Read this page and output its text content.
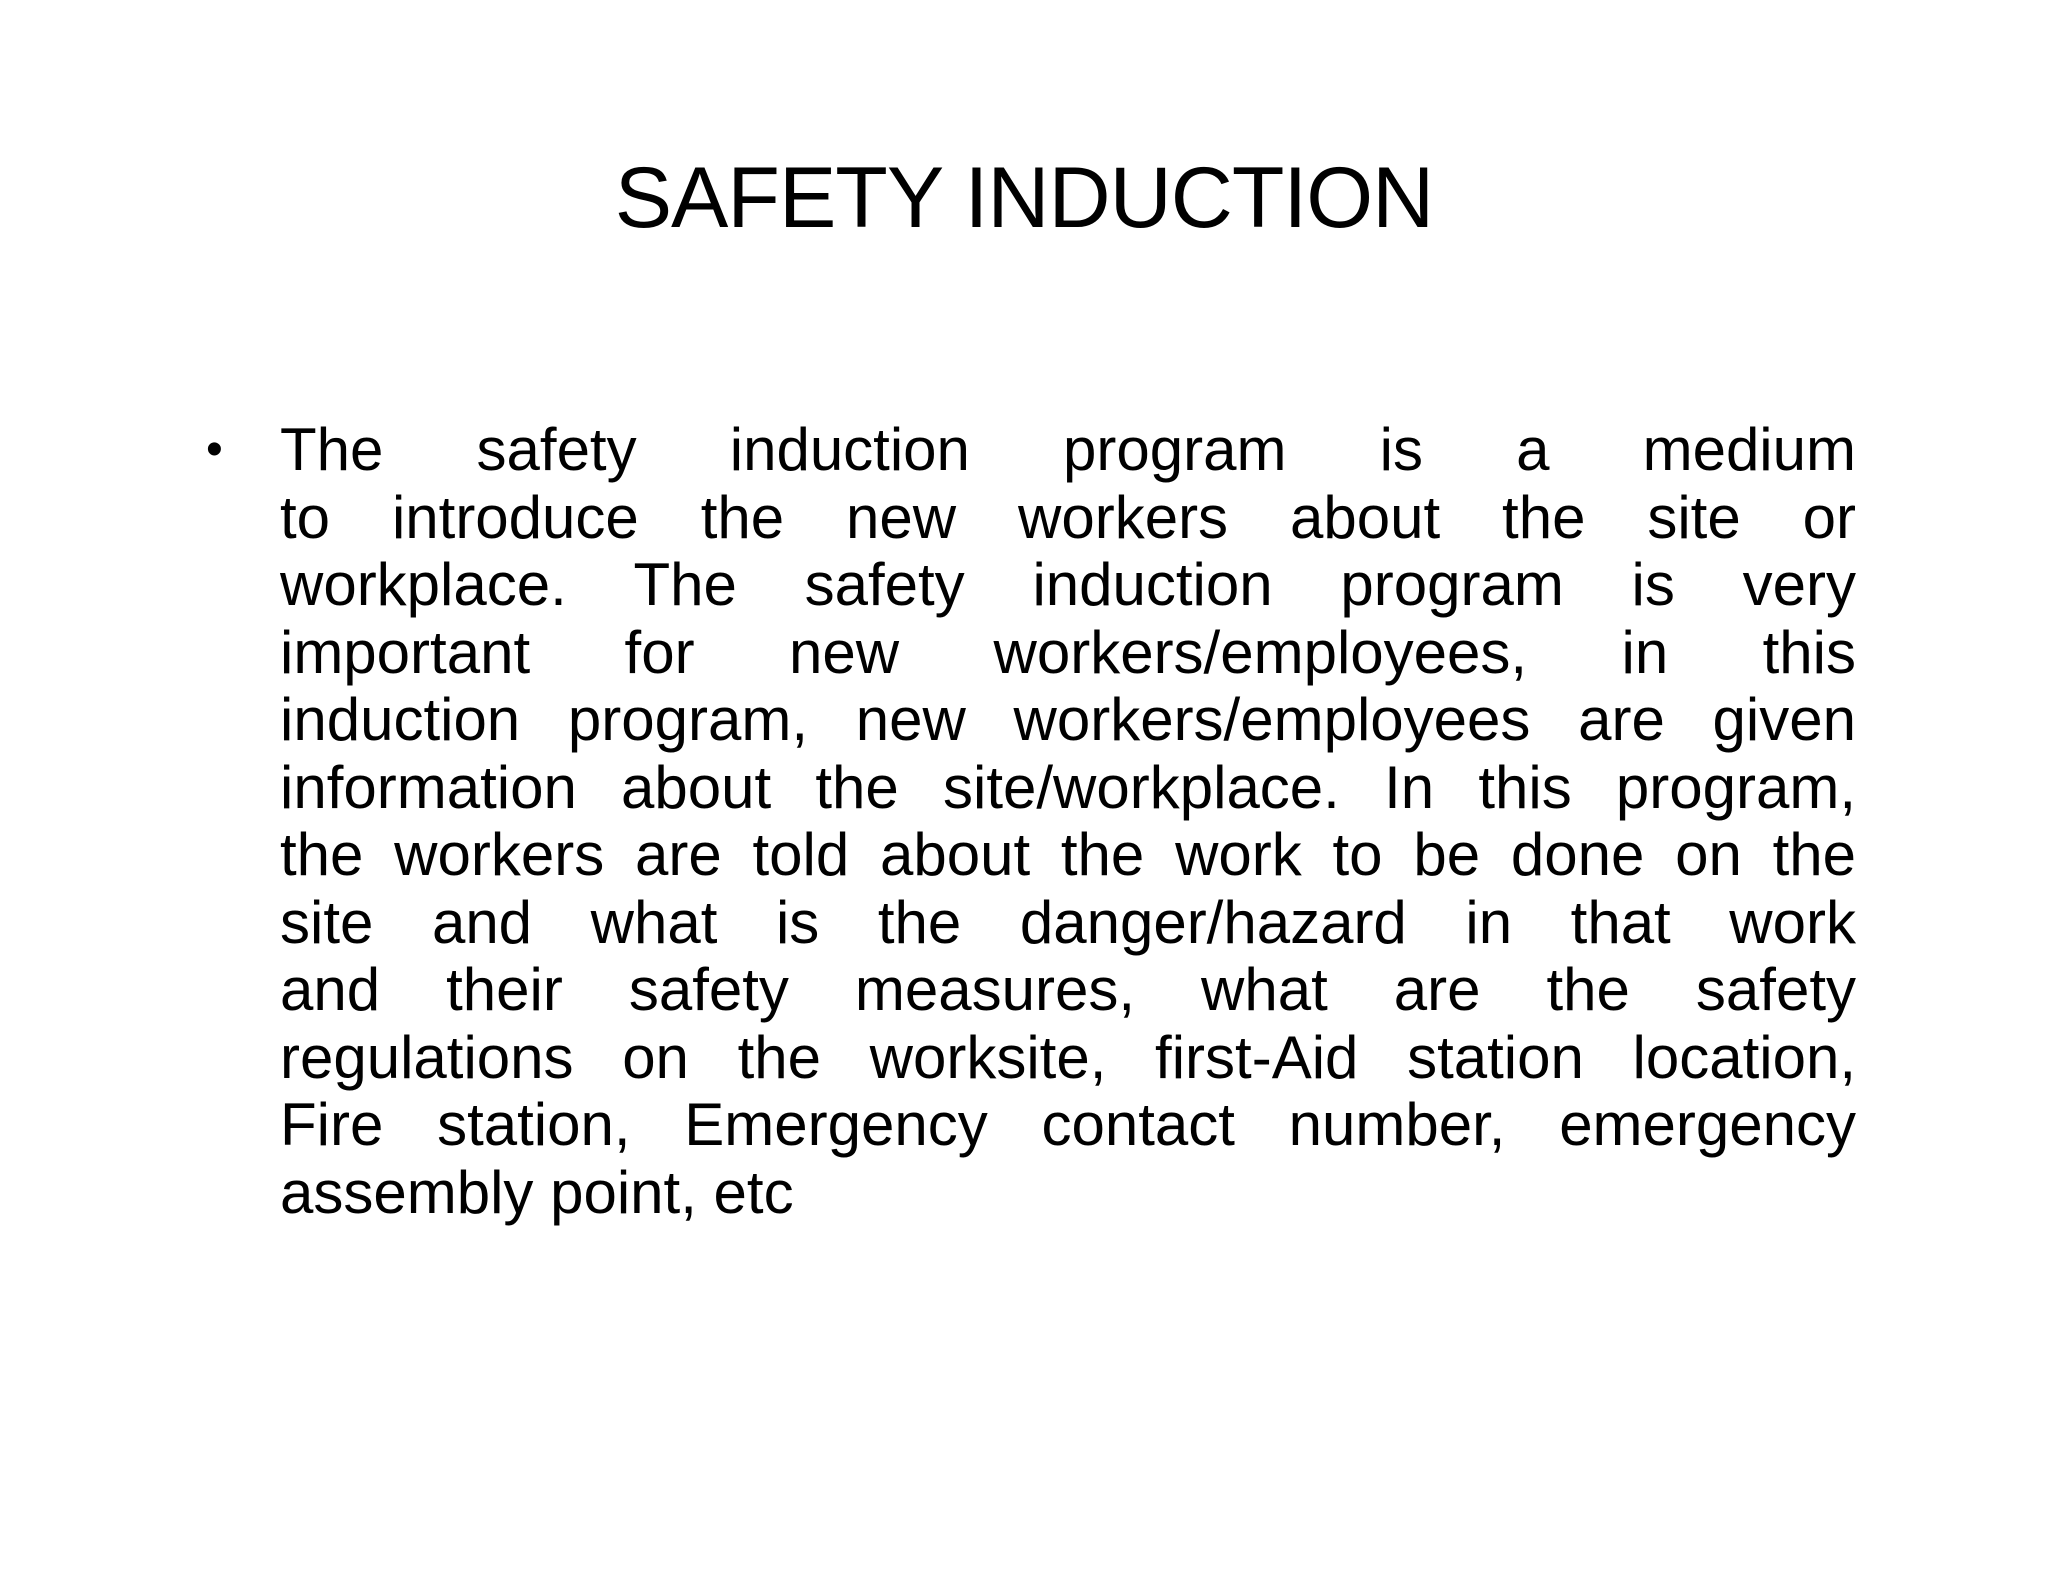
SAFETY INDUCTION
• The safety induction program is a medium
to introduce the new workers about the site or
workplace. The safety induction program is very
important for new workers/employees, in this
induction program, new workers/employees are given
information about the site/workplace. In this program,
the workers are told about the work to be done on the
site and what is the danger/hazard in that work
and their safety measures, what are the safety
regulations on the worksite, first-Aid station location,
Fire station, Emergency contact number, emergency
assembly point, etc
